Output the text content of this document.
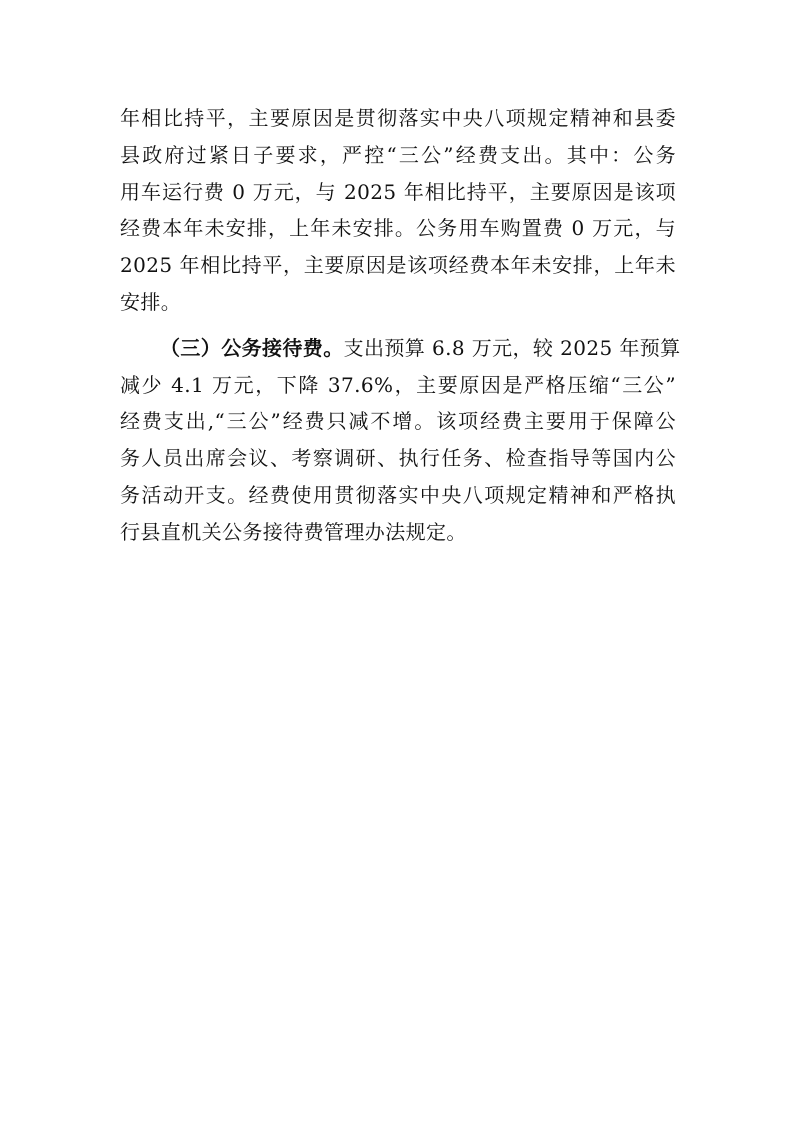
年相比持平，主要原因是贯彻落实中央八项规定精神和县委
县政府过紧日子要求，严控“三公”经费支出。其中：公务
用车运行费 0 万元，与 2025 年相比持平，主要原因是该项
经费本年未安排，上年未安排。公务用车购置费 0 万元，与
2025 年相比持平，主要原因是该项经费本年未安排，上年未
安排。

（三）公务接待费。支出预算 6.8 万元，较 2025 年预算
减少 4.1 万元，下降 37.6%，主要原因是严格压缩“三公”
经费支出,“三公”经费只减不增。该项经费主要用于保障公
务人员出席会议、考察调研、执行任务、检查指导等国内公
务活动开支。经费使用贯彻落实中央八项规定精神和严格执
行县直机关公务接待费管理办法规定。
